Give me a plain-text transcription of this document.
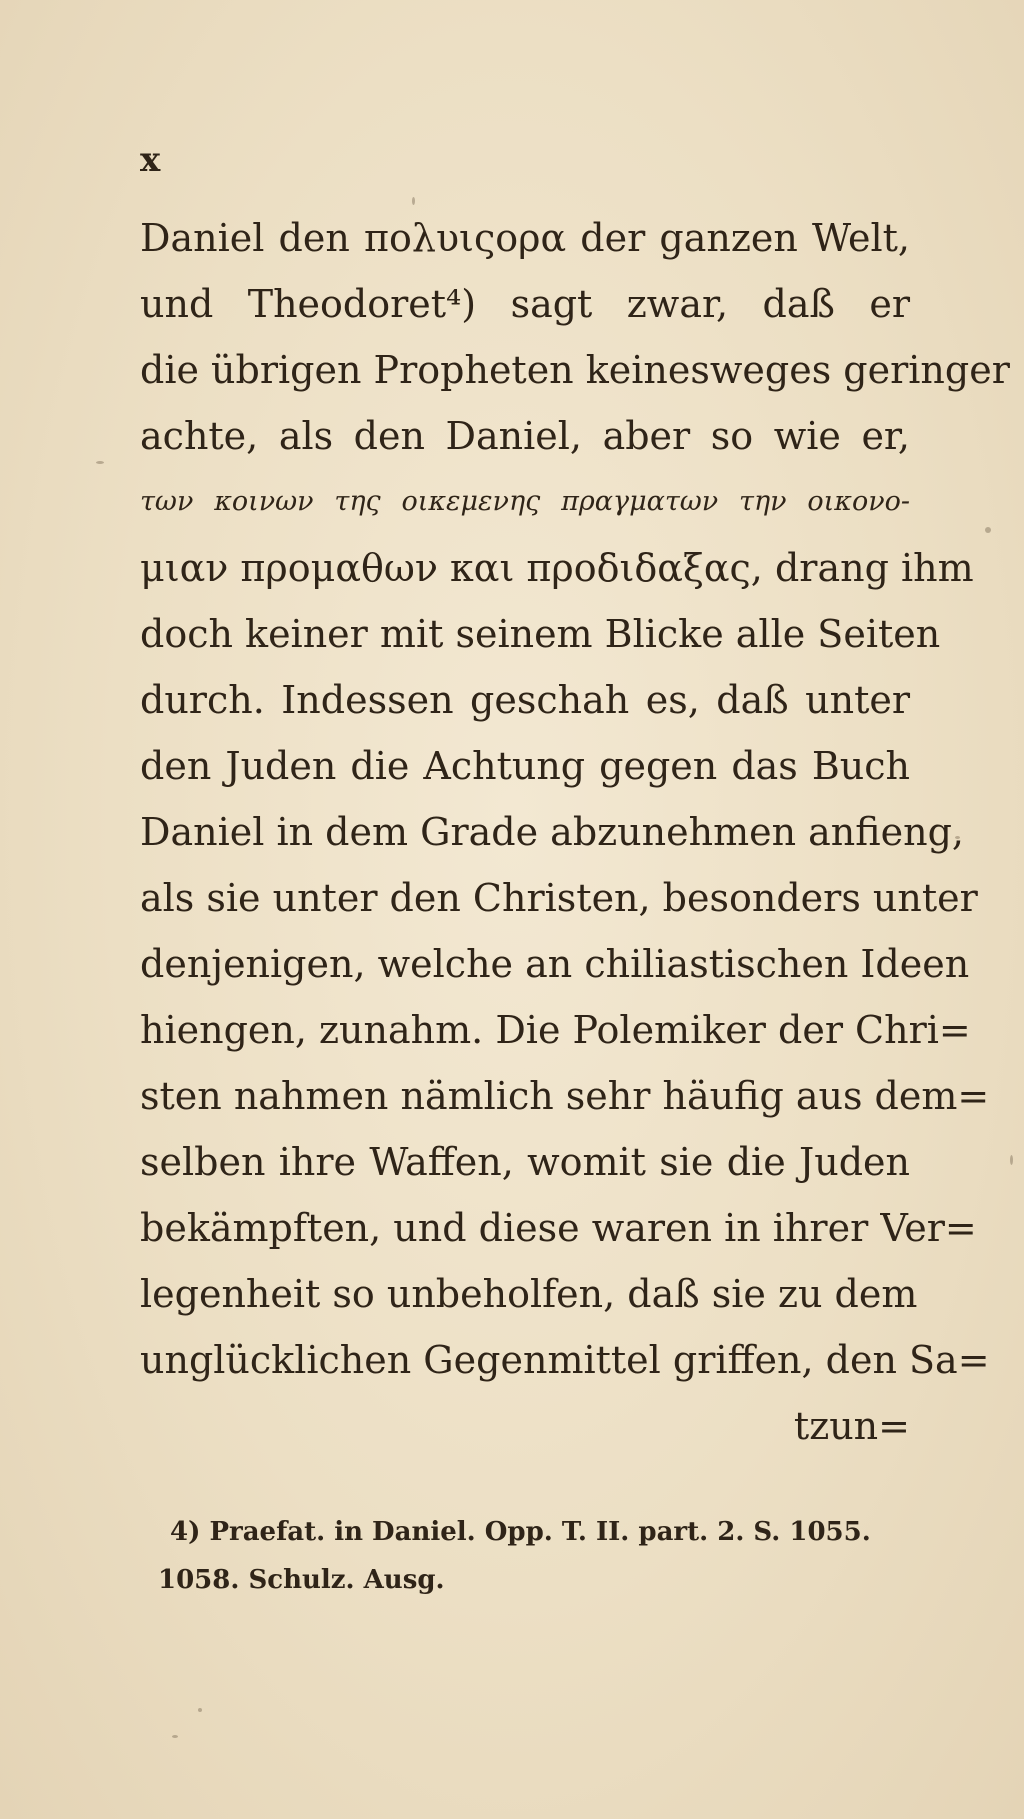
x
Daniel den πολυιςορα der ganzen Welt,
und Theodoret⁴) sagt zwar, daß er
die übrigen Propheten keinesweges geringer
achte, als den Daniel, aber so wie er,
των κοινων της οικεμενης πραγματων την οικονο-
μιαν προμαθων και προδιδαξας, drang ihm
doch keiner mit seinem Blicke alle Seiten
durch. Indessen geschah es, daß unter
den Juden die Achtung gegen das Buch
Daniel in dem Grade abzunehmen anfieng,
als sie unter den Christen, besonders unter
denjenigen, welche an chiliastischen Ideen
hiengen, zunahm. Die Polemiker der Chri=
sten nahmen nämlich sehr häufig aus dem=
selben ihre Waffen, womit sie die Juden
bekämpften, und diese waren in ihrer Ver=
legenheit so unbeholfen, daß sie zu dem
unglücklichen Gegenmittel griffen, den Sa=
tzun=
4) Praefat. in Daniel. Opp. T. II. part. 2. S. 1055.
1058. Schulz. Ausg.
